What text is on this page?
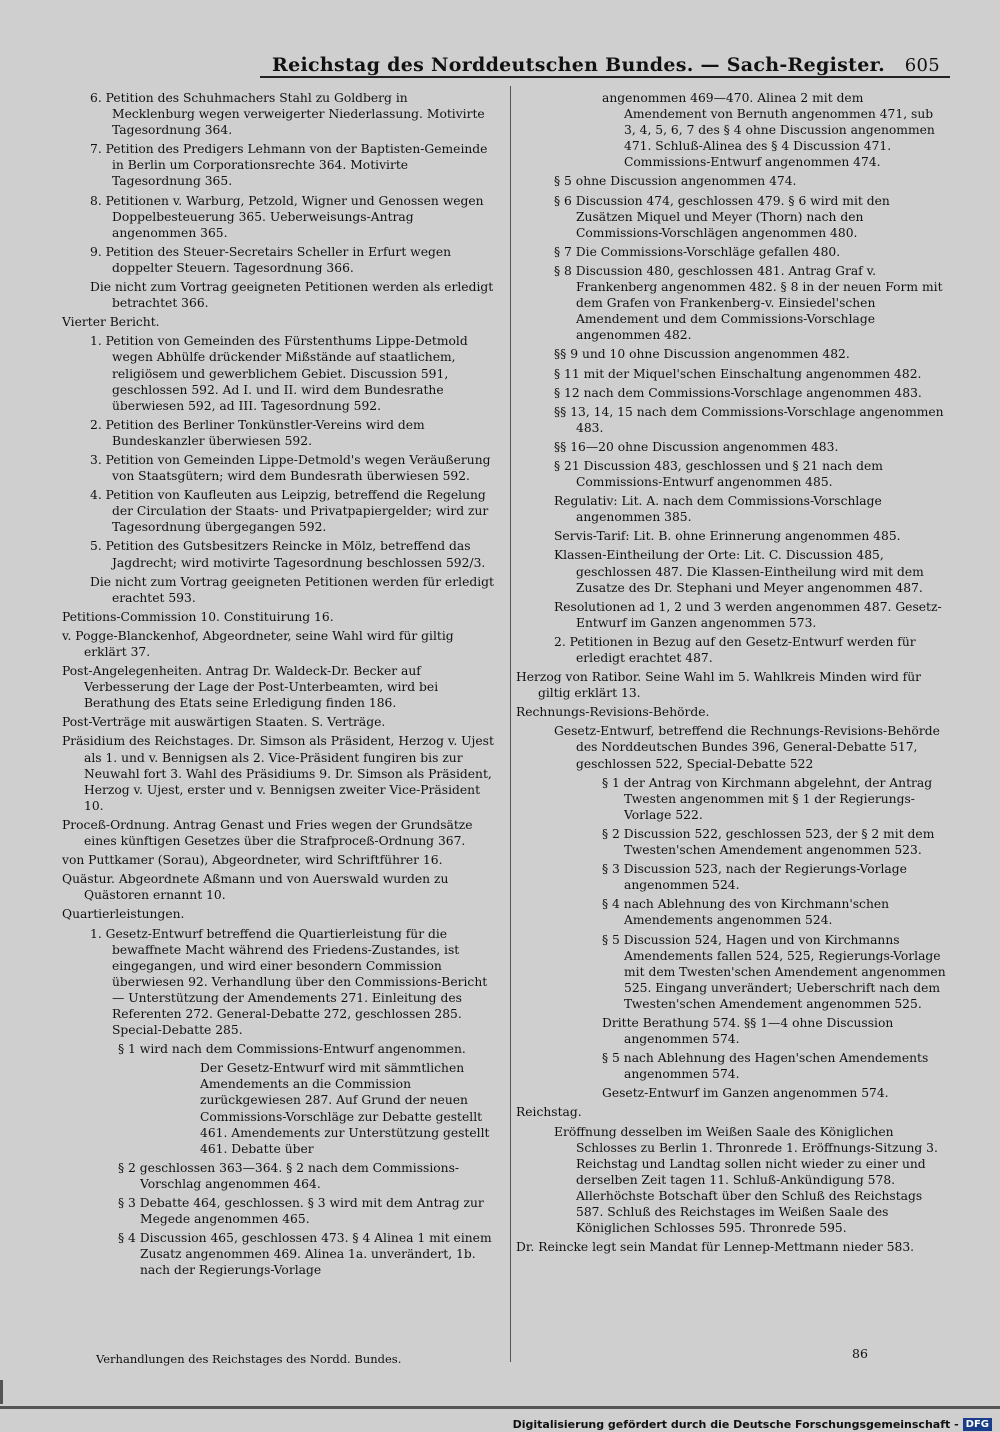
Reichstag des Norddeutschen Bundes. — Sach-Register. 605
6. Petition des Schuhmachers Stahl zu Goldberg in Mecklenburg wegen verweigerter Niederlassung. Motivirte Tagesordnung 364.
7. Petition des Predigers Lehmann von der Baptisten-Gemeinde in Berlin um Corporationsrechte 364. Motivirte Tagesordnung 365.
8. Petitionen v. Warburg, Petzold, Wigner und Genossen wegen Doppelbesteuerung 365. Ueberweisungs-Antrag angenommen 365.
9. Petition des Steuer-Secretairs Scheller in Erfurt wegen doppelter Steuern. Tagesordnung 366.
Die nicht zum Vortrag geeigneten Petitionen werden als erledigt betrachtet 366.
Vierter Bericht.
1. Petition von Gemeinden des Fürstenthums Lippe-Detmold wegen Abhülfe drückender Mißstände auf staatlichem, religiösem und gewerblichem Gebiet. Discussion 591, geschlossen 592. Ad I. und II. wird dem Bundesrathe überwiesen 592, ad III. Tagesordnung 592.
2. Petition des Berliner Tonkünstler-Vereins wird dem Bundeskanzler überwiesen 592.
3. Petition von Gemeinden Lippe-Detmold's wegen Veräußerung von Staatsgütern; wird dem Bundesrath überwiesen 592.
4. Petition von Kaufleuten aus Leipzig, betreffend die Regelung der Circulation der Staats- und Privatpapiergelder; wird zur Tagesordnung übergegangen 592.
5. Petition des Gutsbesitzers Reincke in Mölz, betreffend das Jagdrecht; wird motivirte Tagesordnung beschlossen 592/3.
Die nicht zum Vortrag geeigneten Petitionen werden für erledigt erachtet 593.
Petitions-Commission 10. Constituirung 16.
v. Pogge-Blanckenhof, Abgeordneter, seine Wahl wird für giltig erklärt 37.
Post-Angelegenheiten. Antrag Dr. Waldeck-Dr. Becker auf Verbesserung der Lage der Post-Unterbeamten, wird bei Berathung des Etats seine Erledigung finden 186.
Post-Verträge mit auswärtigen Staaten. S. Verträge.
Präsidium des Reichstages. Dr. Simson als Präsident, Herzog v. Ujest als 1. und v. Bennigsen als 2. Vice-Präsident fungiren bis zur Neuwahl fort 3. Wahl des Präsidiums 9. Dr. Simson als Präsident, Herzog v. Ujest, erster und v. Bennigsen zweiter Vice-Präsident 10.
Proceß-Ordnung. Antrag Genast und Fries wegen der Grundsätze eines künftigen Gesetzes über die Strafproceß-Ordnung 367.
von Puttkamer (Sorau), Abgeordneter, wird Schriftführer 16.
Quästur. Abgeordnete Aßmann und von Auerswald wurden zu Quästoren ernannt 10.
Quartierleistungen.
1. Gesetz-Entwurf betreffend die Quartierleistung für die bewaffnete Macht während des Friedens-Zustandes, ist eingegangen, und wird einer besondern Commission überwiesen 92. Verhandlung über den Commissions-Bericht — Unterstützung der Amendements 271. Einleitung des Referenten 272. General-Debatte 272, geschlossen 285. Special-Debatte 285.
§ 1 wird nach dem Commissions-Entwurf angenommen.
Der Gesetz-Entwurf wird mit sämmtlichen Amendements an die Commission zurückgewiesen 287. Auf Grund der neuen Commissions-Vorschläge zur Debatte gestellt 461. Amendements zur Unterstützung gestellt 461. Debatte über
§ 2 geschlossen 363—364. § 2 nach dem Commissions-Vorschlag angenommen 464.
§ 3 Debatte 464, geschlossen. § 3 wird mit dem Antrag zur Megede angenommen 465.
§ 4 Discussion 465, geschlossen 473. § 4 Alinea 1 mit einem Zusatz angenommen 469. Alinea 1a. unverändert, 1b. nach der Regierungs-Vorlage
angenommen 469—470. Alinea 2 mit dem Amendement von Bernuth angenommen 471, sub 3, 4, 5, 6, 7 des § 4 ohne Discussion angenommen 471. Schluß-Alinea des § 4 Discussion 471. Commissions-Entwurf angenommen 474.
§ 5 ohne Discussion angenommen 474.
§ 6 Discussion 474, geschlossen 479. § 6 wird mit den Zusätzen Miquel und Meyer (Thorn) nach den Commissions-Vorschlägen angenommen 480.
§ 7 Die Commissions-Vorschläge gefallen 480.
§ 8 Discussion 480, geschlossen 481. Antrag Graf v. Frankenberg angenommen 482. § 8 in der neuen Form mit dem Grafen von Frankenberg-v. Einsiedel'schen Amendement und dem Commissions-Vorschlage angenommen 482.
§§ 9 und 10 ohne Discussion angenommen 482.
§ 11 mit der Miquel'schen Einschaltung angenommen 482.
§ 12 nach dem Commissions-Vorschlage angenommen 483.
§§ 13, 14, 15 nach dem Commissions-Vorschlage angenommen 483.
§§ 16—20 ohne Discussion angenommen 483.
§ 21 Discussion 483, geschlossen und § 21 nach dem Commissions-Entwurf angenommen 485.
Regulativ: Lit. A. nach dem Commissions-Vorschlage angenommen 385.
Servis-Tarif: Lit. B. ohne Erinnerung angenommen 485.
Klassen-Eintheilung der Orte: Lit. C. Discussion 485, geschlossen 487. Die Klassen-Eintheilung wird mit dem Zusatze des Dr. Stephani und Meyer angenommen 487.
Resolutionen ad 1, 2 und 3 werden angenommen 487. Gesetz-Entwurf im Ganzen angenommen 573.
2. Petitionen in Bezug auf den Gesetz-Entwurf werden für erledigt erachtet 487.
Herzog von Ratibor. Seine Wahl im 5. Wahlkreis Minden wird für giltig erklärt 13.
Rechnungs-Revisions-Behörde.
Gesetz-Entwurf, betreffend die Rechnungs-Revisions-Behörde des Norddeutschen Bundes 396, General-Debatte 517, geschlossen 522, Special-Debatte 522
§ 1 der Antrag von Kirchmann abgelehnt, der Antrag Twesten angenommen mit § 1 der Regierungs-Vorlage 522.
§ 2 Discussion 522, geschlossen 523, der § 2 mit dem Twesten'schen Amendement angenommen 523.
§ 3 Discussion 523, nach der Regierungs-Vorlage angenommen 524.
§ 4 nach Ablehnung des von Kirchmann'schen Amendements angenommen 524.
§ 5 Discussion 524, Hagen und von Kirchmanns Amendements fallen 524, 525, Regierungs-Vorlage mit dem Twesten'schen Amendement angenommen 525. Eingang unverändert; Ueberschrift nach dem Twesten'schen Amendement angenommen 525.
Dritte Berathung 574. §§ 1—4 ohne Discussion angenommen 574.
§ 5 nach Ablehnung des Hagen'schen Amendements angenommen 574.
Gesetz-Entwurf im Ganzen angenommen 574.
Reichstag.
Eröffnung desselben im Weißen Saale des Königlichen Schlosses zu Berlin 1. Thronrede 1. Eröffnungs-Sitzung 3. Reichstag und Landtag sollen nicht wieder zu einer und derselben Zeit tagen 11. Schluß-Ankündigung 578. Allerhöchste Botschaft über den Schluß des Reichstags 587. Schluß des Reichstages im Weißen Saale des Königlichen Schlosses 595. Thronrede 595.
Dr. Reincke legt sein Mandat für Lennep-Mettmann nieder 583.
Verhandlungen des Reichstages des Nordd. Bundes.	86
Digitalisierung gefördert durch die Deutsche Forschungsgemeinschaft - DFG
